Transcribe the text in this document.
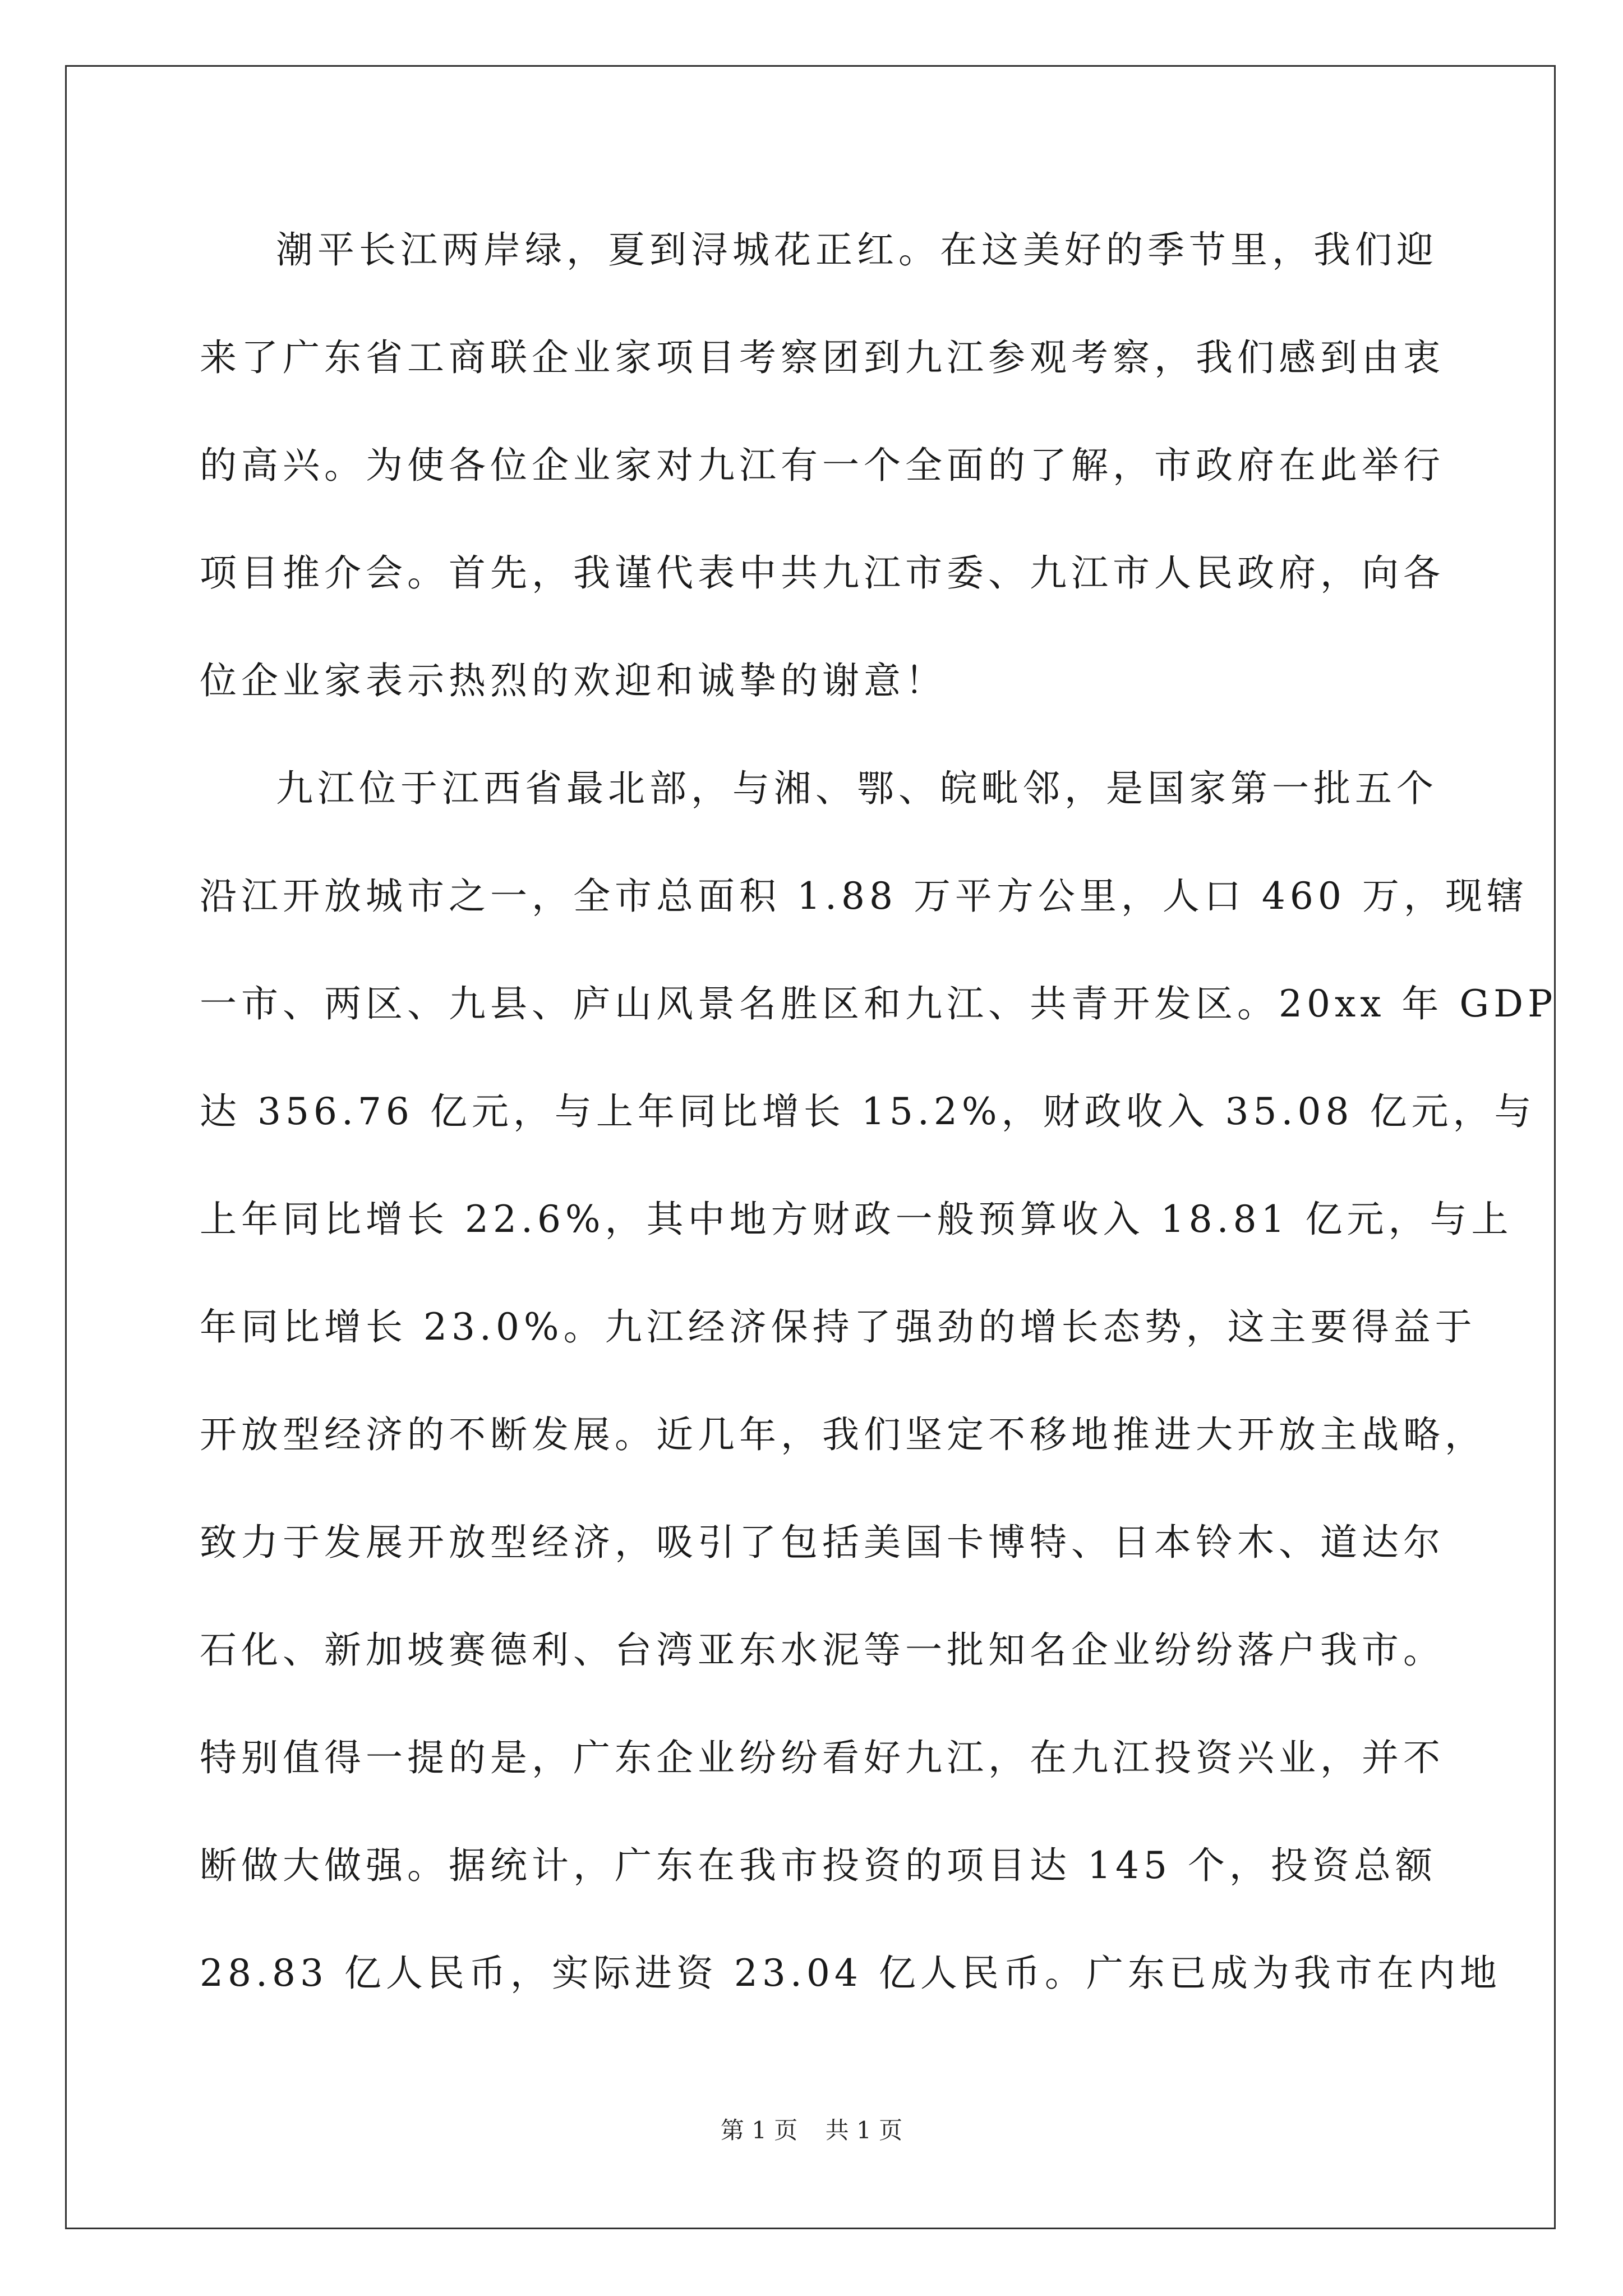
潮平长江两岸绿，夏到浔城花正红。在这美好的季节里，我们迎
来了广东省工商联企业家项目考察团到九江参观考察，我们感到由衷
的高兴。为使各位企业家对九江有一个全面的了解，市政府在此举行
项目推介会。首先，我谨代表中共九江市委、九江市人民政府，向各
位企业家表示热烈的欢迎和诚挚的谢意！
九江位于江西省最北部，与湘、鄂、皖毗邻，是国家第一批五个
沿江开放城市之一，全市总面积 1.88 万平方公里，人口 460 万，现辖
一市、两区、九县、庐山风景名胜区和九江、共青开发区。20xx 年 GDP
达 356.76 亿元，与上年同比增长 15.2%，财政收入 35.08 亿元，与
上年同比增长 22.6%，其中地方财政一般预算收入 18.81 亿元，与上
年同比增长 23.0%。九江经济保持了强劲的增长态势，这主要得益于
开放型经济的不断发展。近几年，我们坚定不移地推进大开放主战略，
致力于发展开放型经济，吸引了包括美国卡博特、日本铃木、道达尔
石化、新加坡赛德利、台湾亚东水泥等一批知名企业纷纷落户我市。
特别值得一提的是，广东企业纷纷看好九江，在九江投资兴业，并不
断做大做强。据统计，广东在我市投资的项目达 145 个，投资总额
28.83 亿人民币，实际进资 23.04 亿人民币。广东已成为我市在内地
第 1 页 共 1 页
